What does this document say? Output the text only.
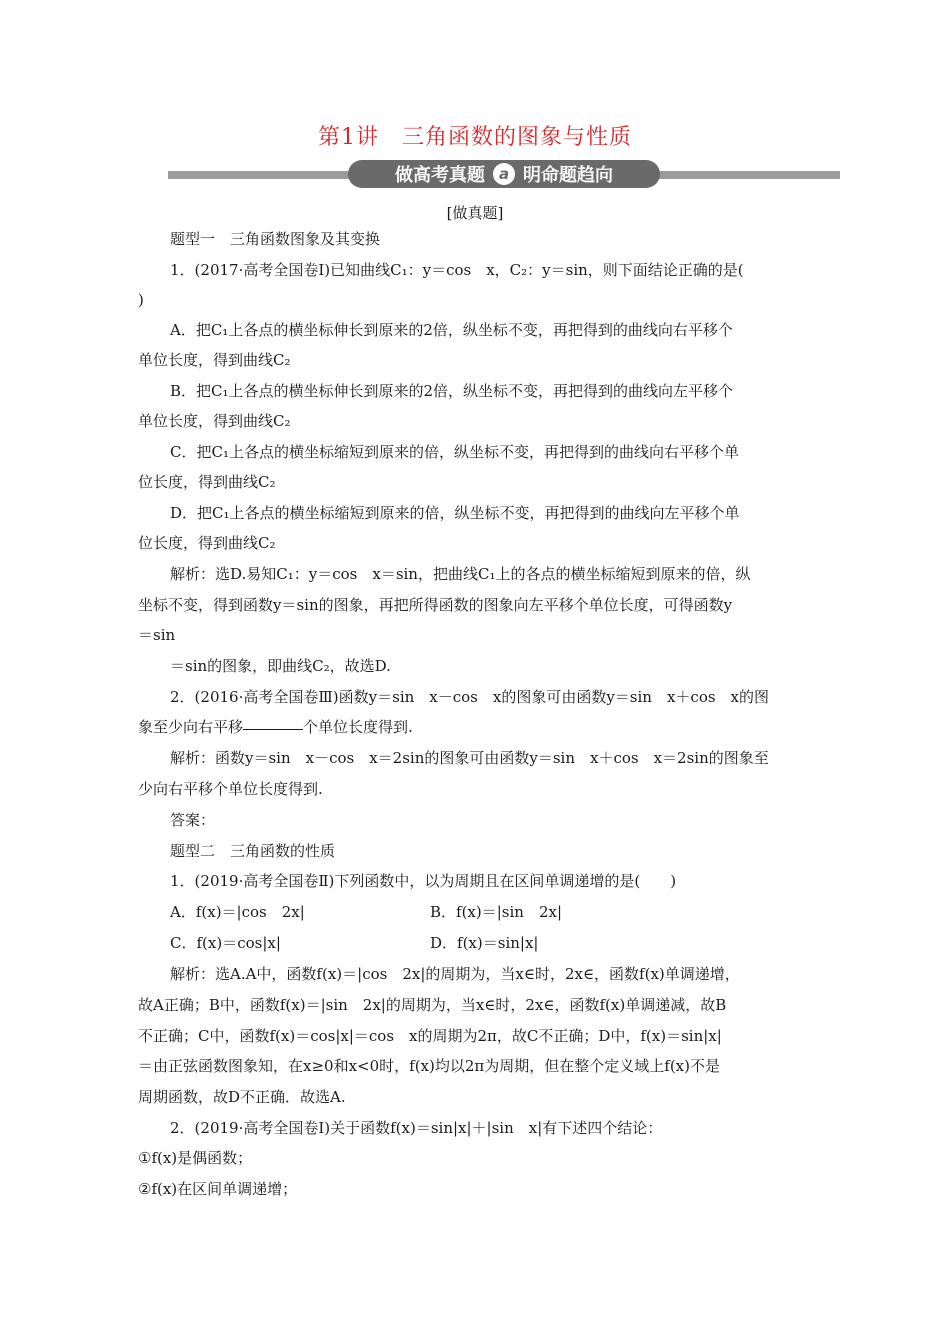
第1讲　三角函数的图象与性质
做高考真题 a 明命题趋向
[做真题]
题型一　三角函数图象及其变换
1．(2017·高考全国卷Ⅰ)已知曲线C₁：y＝cos　x，C₂：y＝sin，则下面结论正确的是(
)
A．把C₁上各点的横坐标伸长到原来的2倍，纵坐标不变，再把得到的曲线向右平移个
单位长度，得到曲线C₂
B．把C₁上各点的横坐标伸长到原来的2倍，纵坐标不变，再把得到的曲线向左平移个
单位长度，得到曲线C₂
C．把C₁上各点的横坐标缩短到原来的倍，纵坐标不变，再把得到的曲线向右平移个单
位长度，得到曲线C₂
D．把C₁上各点的横坐标缩短到原来的倍，纵坐标不变，再把得到的曲线向左平移个单
位长度，得到曲线C₂
解析：选D.易知C₁：y＝cos　x＝sin，把曲线C₁上的各点的横坐标缩短到原来的倍，纵
坐标不变，得到函数y＝sin的图象，再把所得函数的图象向左平移个单位长度，可得函数y
＝sin
＝sin的图象，即曲线C₂，故选D.
2．(2016·高考全国卷Ⅲ)函数y＝sin　x－cos　x的图象可由函数y＝sin　x＋cos　x的图
象至少向右平移	个单位长度得到.
解析：函数y＝sin　x－cos　x＝2sin的图象可由函数y＝sin　x＋cos　x＝2sin的图象至
少向右平移个单位长度得到.
答案：
题型二　三角函数的性质
1．(2019·高考全国卷Ⅱ)下列函数中，以为周期且在区间单调递增的是(　　)
A．f(x)＝|cos　2x|	B．f(x)＝|sin　2x|
C．f(x)＝cos|x|	D．f(x)＝sin|x|
解析：选A.A中，函数f(x)＝|cos　2x|的周期为，当x∈时，2x∈，函数f(x)单调递增，
故A正确；B中，函数f(x)＝|sin　2x|的周期为，当x∈时，2x∈，函数f(x)单调递减，故B
不正确；C中，函数f(x)＝cos|x|＝cos　x的周期为2π，故C不正确；D中，f(x)＝sin|x|
＝由正弦函数图象知，在x≥0和x<0时，f(x)均以2π为周期，但在整个定义域上f(x)不是
周期函数，故D不正确．故选A.
2．(2019·高考全国卷Ⅰ)关于函数f(x)＝sin|x|＋|sin　x|有下述四个结论：
①f(x)是偶函数；
②f(x)在区间单调递增；
